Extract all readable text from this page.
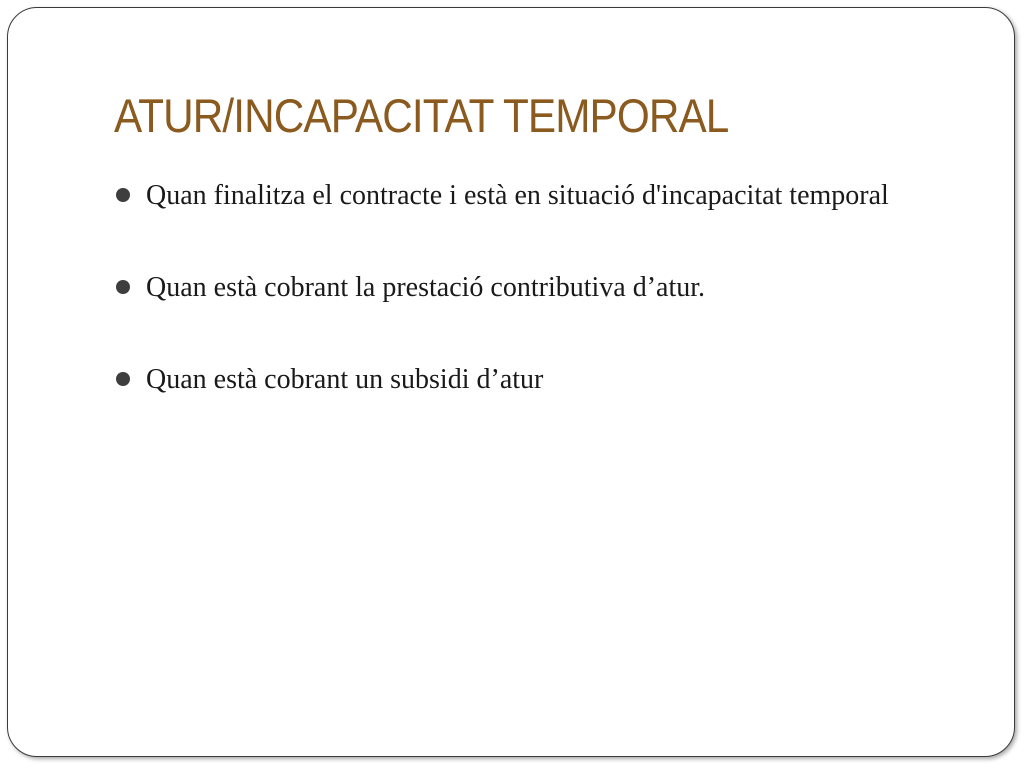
ATUR/INCAPACITAT TEMPORAL
Quan finalitza el contracte i està en situació d'incapacitat temporal
Quan està cobrant la prestació contributiva d’atur.
Quan està cobrant un subsidi d’atur
